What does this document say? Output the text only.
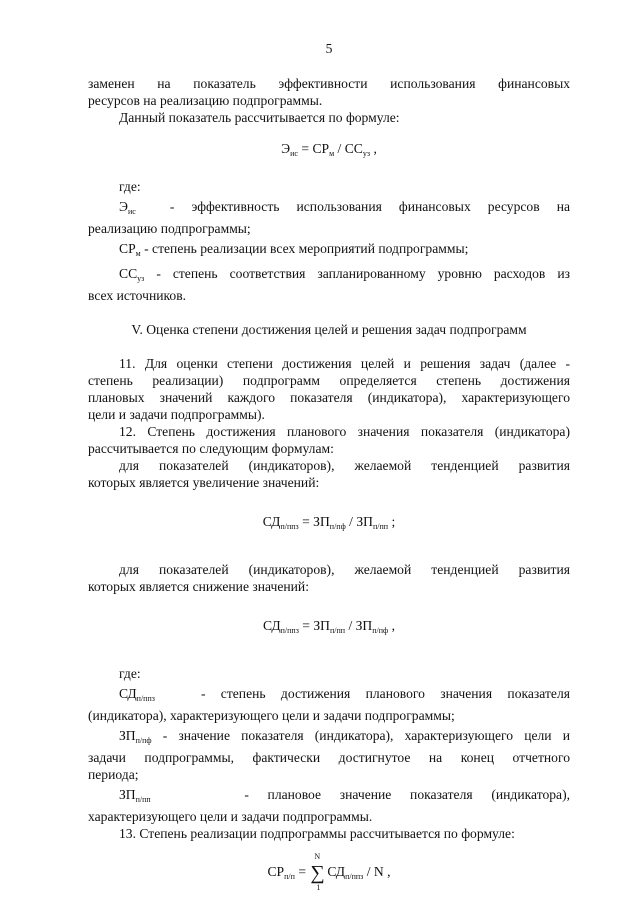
5

заменен на показатель эффективности использования финансовых

ресурсов на реализацию подпрограммы.

Данный показатель рассчитывается по формуле:

$Э_{ис} = СР_м / СС_{уз}$ ,

где:

$Э_{ис}$	- эффективность использования финансовых ресурсов на

реализацию подпрограммы;

$СР_м$ - степень реализации всех мероприятий подпрограммы;

$СС_{уз}$ - степень соответствия запланированному уровню расходов из

всех источников.

V. Оценка степени достижения целей и решения задач подпрограмм

11. Для оценки степени достижения целей и решения задач (далее -

степень реализации) подпрограмм определяется степень достижения

плановых значений каждого показателя (индикатора), характеризующего

цели и задачи подпрограммы).

12. Степень достижения планового значения показателя (индикатора)

рассчитывается по следующим формулам:

для показателей (индикаторов), желаемой тенденцией развития

которых является увеличение значений:

$СД_{п/ппз} = ЗП_{п/пф} / ЗП_{п/пп}$ ;

для показателей (индикаторов), желаемой тенденцией развития

которых является снижение значений:

$СД_{п/ппз} = ЗП_{п/пп} / ЗП_{п/пф}$ ,

где:

$СД_{п/ппз}$	- степень достижения планового значения показателя

(индикатора), характеризующего цели и задачи подпрограммы;

$ЗП_{п/пф}$ - значение показателя (индикатора), характеризующего цели и

задачи подпрограммы, фактически достигнутое на конец отчетного

периода;

$ЗП_{п/пп}$	- плановое значение показателя (индикатора),

характеризующего цели и задачи подпрограммы.

13. Степень реализации подпрограммы рассчитывается по формуле:

$СР_{п/п}$ =
N
∑
1
$СД_{п/ппз}$ / N ,
